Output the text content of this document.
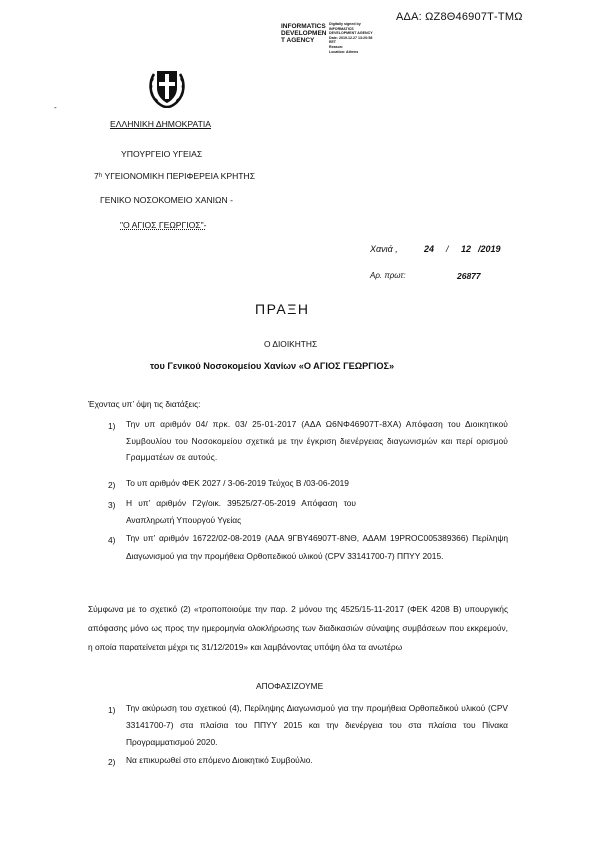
ΑΔΑ: ΩΖ8Θ46907Τ-ΤΜΩ
INFORMATICS
DEVELOPMEN
T AGENCY
Digitally signed by
INFORMATICS
DEVELOPMENT AGENCY
Date: 2019.12.27 13:20:58
EET
Reason:
Location: Athens
-
ΕΛΛΗΝΙΚΗ ΔΗΜΟΚΡΑΤΙΑ
ΥΠΟΥΡΓΕΙΟ ΥΓΕΙΑΣ
7ʰ ΥΓΕΙΟΝΟΜΙΚΗ ΠΕΡΙΦΕΡΕΙΑ ΚΡΗΤΗΣ
ΓΕΝΙΚΟ ΝΟΣΟΚΟΜΕΙΟ ΧΑΝΙΩΝ -
"Ο ΑΓΙΟΣ ΓΕΩΡΓΙΟΣ"-
Χανιά ,	24 / 12 /2019
Αρ. πρωτ:	26877
ΠΡΑΞΗ
Ο ΔΙΟΙΚΗΤΗΣ
του Γενικού Νοσοκομείου Χανίων «Ο ΑΓΙΟΣ ΓΕΩΡΓΙΟΣ»
Έχοντας υπ’ όψη τις διατάξεις:
1) Την υπ αριθμόν 04/ πρκ. 03/ 25-01-2017 (ΑΔΑ Ω6ΝΦ46907Τ-8ΧΑ) Απόφαση του Διοικητικού Συμβουλίου του Νοσοκομείου σχετικά με την έγκριση διενέργειας διαγωνισμών και περί ορισμού Γραμματέων σε αυτούς.
2) Το υπ αριθμόν ΦΕΚ 2027 / 3-06-2019 Τεύχος Β /03-06-2019
3) Η υπ’ αριθμόν Γ2γ/οικ. 39525/27-05-2019 Απόφαση του Αναπληρωτή Υπουργού Υγείας
4) Την υπ’ αριθμόν 16722/02-08-2019 (ΑΔΑ 9ΓΒΥ46907Τ-8ΝΘ, ΑΔΑΜ 19PROC005389366) Περίληψη Διαγωνισμού για την προμήθεια Ορθοπεδικού υλικού (CPV 33141700-7) ΠΠΥΥ 2015.
Σύμφωνα με το σχετικό (2) «τροποποιούμε την παρ. 2 μόνου της 4525/15-11-2017 (ΦΕΚ 4208 Β) υπουργικής απόφασης μόνο ως προς την ημερομηνία ολοκλήρωσης των διαδικασιών σύναψης συμβάσεων που εκκρεμούν, η οποία παρατείνεται μέχρι τις 31/12/2019» και λαμβάνοντας υπόψη όλα τα ανωτέρω
ΑΠΟΦΑΣΙΖΟΥΜΕ
1) Την ακύρωση του σχετικού (4), Περίληψης Διαγωνισμού για την προμήθεια Ορθοπεδικού υλικού (CPV 33141700-7) στα πλαίσια του ΠΠΥΥ 2015 και την διενέργεια του στα πλαίσια του Πίνακα Προγραμματισμού 2020.
2) Να επικυρωθεί στο επόμενο Διοικητικό Συμβούλιο.
